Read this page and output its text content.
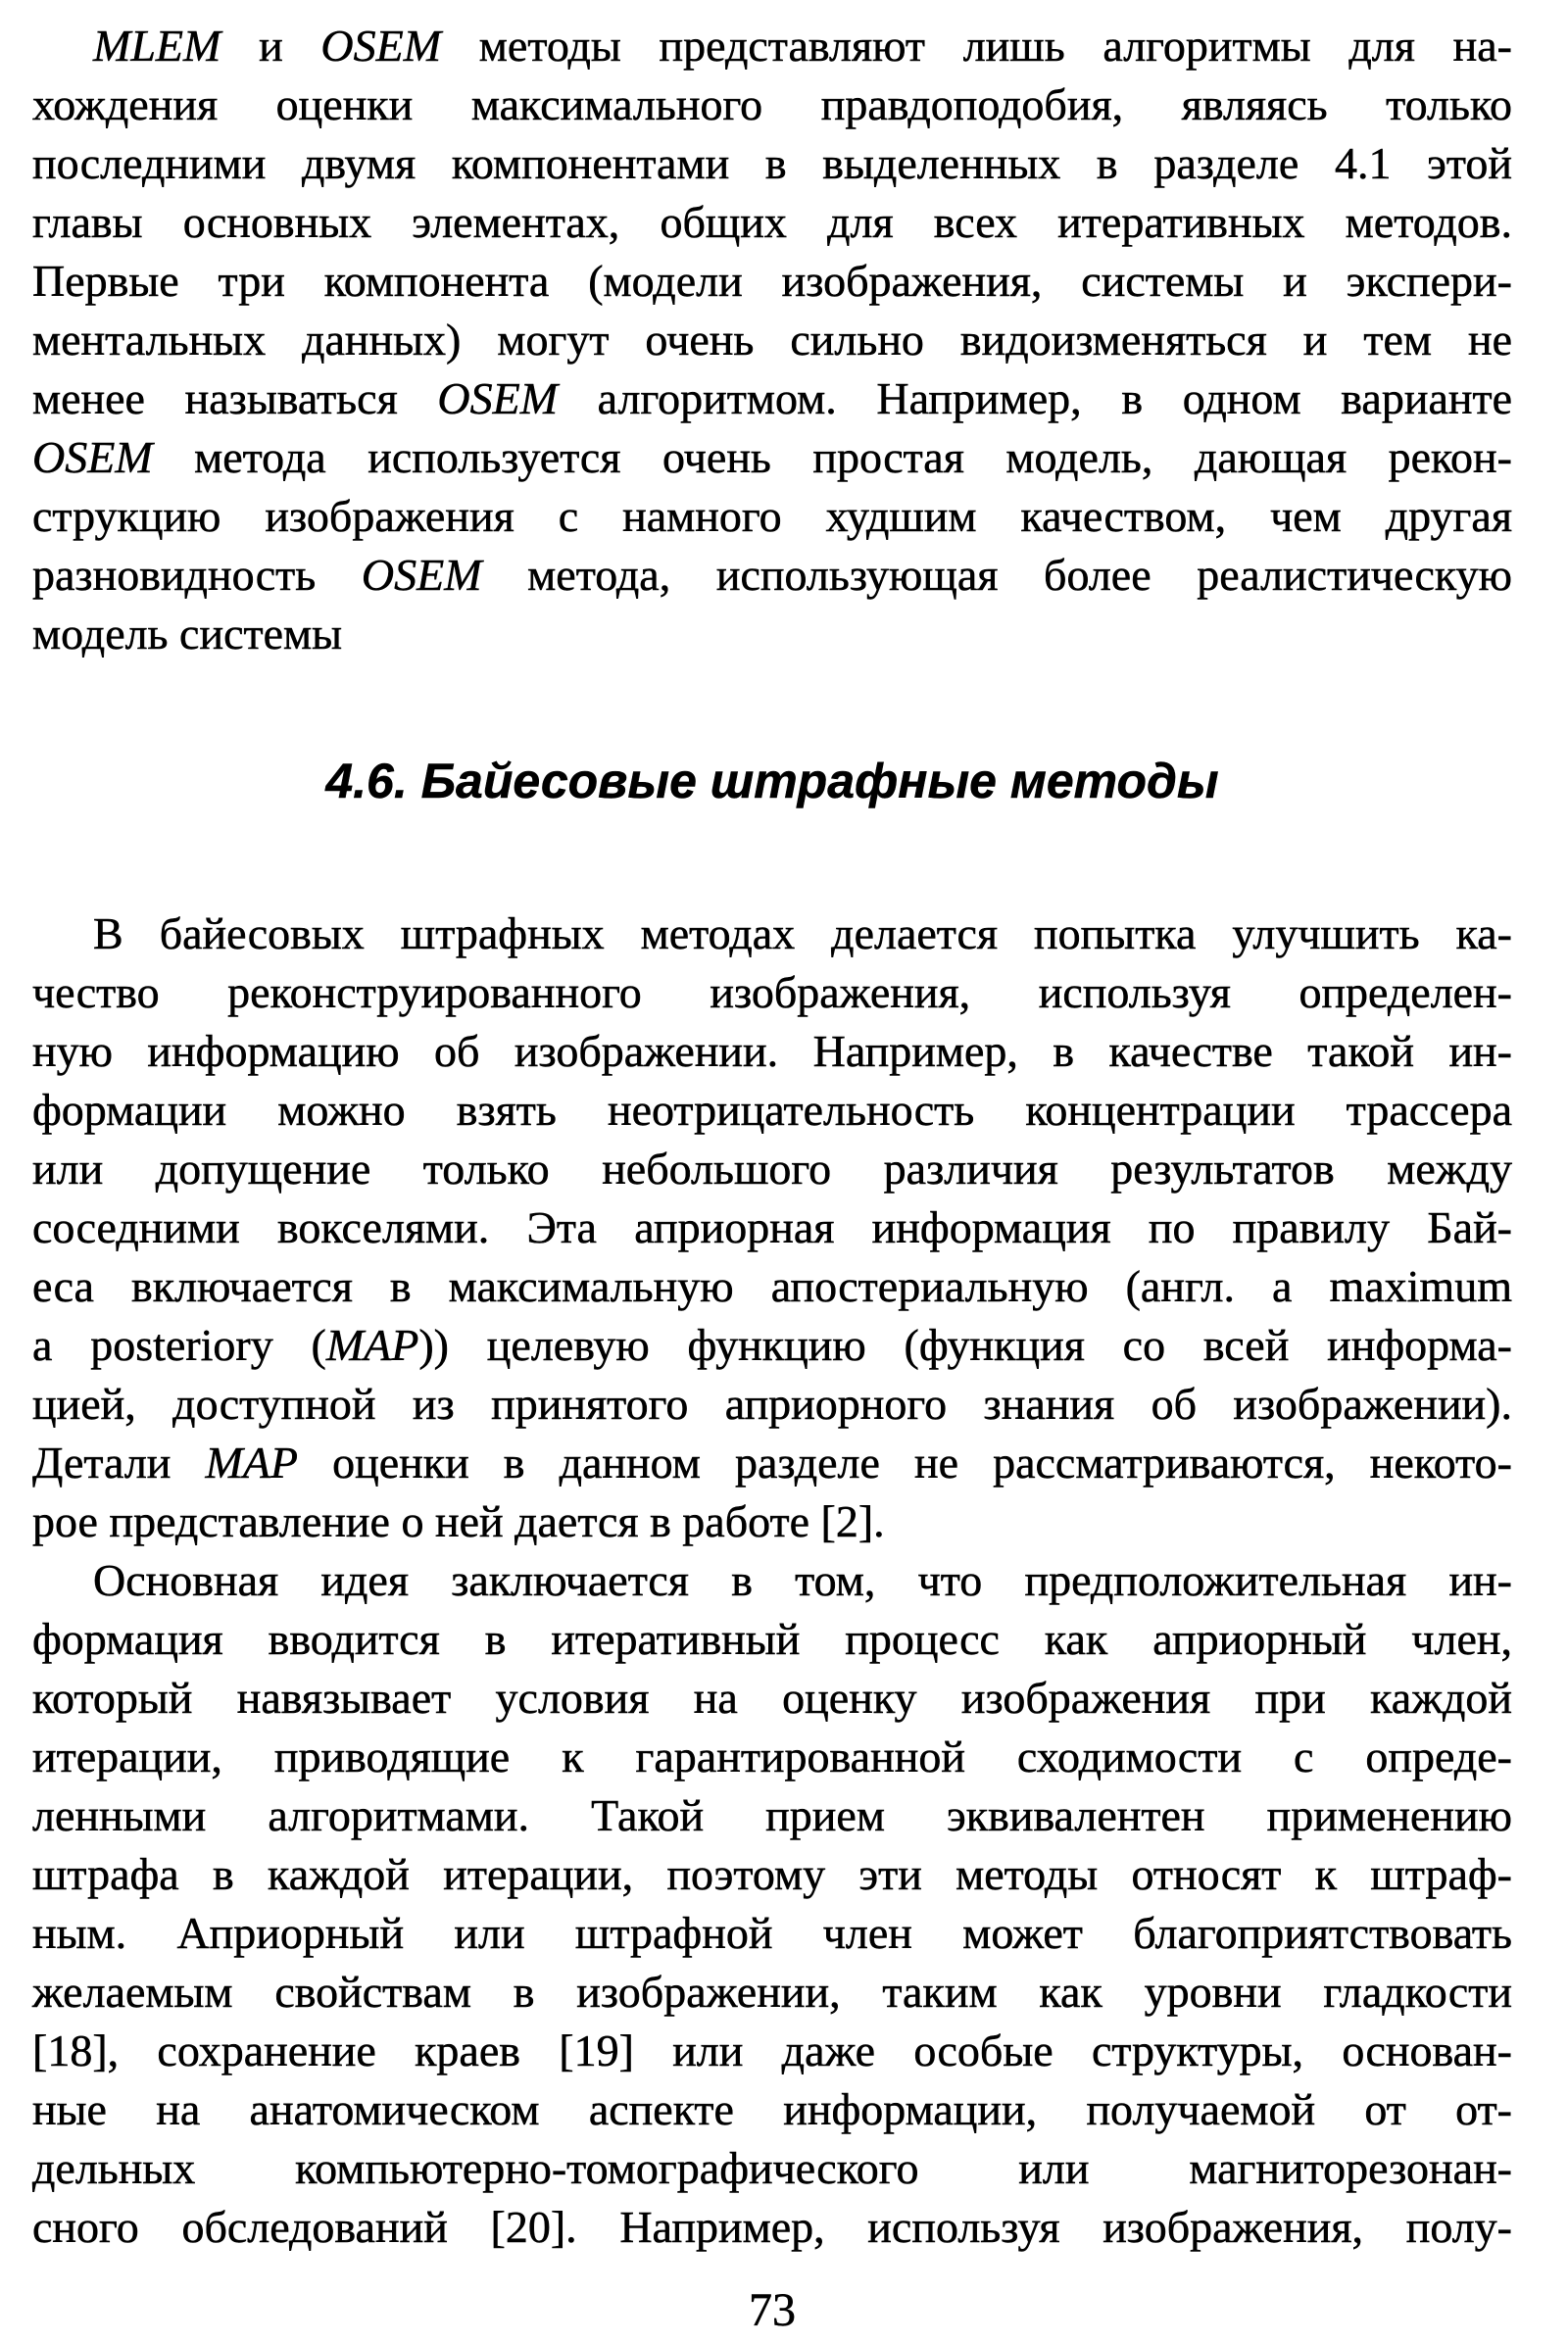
MLEM и OSEM методы представляют лишь алгоритмы для на-
хождения оценки максимального правдоподобия, являясь только
последними двумя компонентами в выделенных в разделе 4.1 этой
главы основных элементах, общих для всех итеративных методов.
Первые три компонента (модели изображения, системы и экспери-
ментальных данных) могут очень сильно видоизменяться и тем не
менее называться OSEM алгоритмом. Например, в одном варианте
OSEM метода используется очень простая модель, дающая рекон-
струкцию изображения с намного худшим качеством, чем другая
разновидность OSEM метода, использующая более реалистическую
модель системы
4.6. Байесовые штрафные методы
В байесовых штрафных методах делается попытка улучшить ка-
чество реконструированного изображения, используя определен-
ную информацию об изображении. Например, в качестве такой ин-
формации можно взять неотрицательность концентрации трассера
или допущение только небольшого различия результатов между
соседними вокселями. Эта априорная информация по правилу Бай-
еса включается в максимальную апостериальную (англ. a maximum
a posteriory (MAP)) целевую функцию (функция со всей информа-
цией, доступной из принятого априорного знания об изображении).
Детали MAP оценки в данном разделе не рассматриваются, некото-
рое представление о ней дается в работе [2].
Основная идея заключается в том, что предположительная ин-
формация вводится в итеративный процесс как априорный член,
который навязывает условия на оценку изображения при каждой
итерации, приводящие к гарантированной сходимости с опреде-
ленными алгоритмами. Такой прием эквивалентен применению
штрафа в каждой итерации, поэтому эти методы относят к штраф-
ным. Априорный или штрафной член может благоприятствовать
желаемым свойствам в изображении, таким как уровни гладкости
[18], сохранение краев [19] или даже особые структуры, основан-
ные на анатомическом аспекте информации, получаемой от от-
дельных компьютерно-томографического или магниторезонан-
сного обследований [20]. Например, используя изображения, полу-
73
